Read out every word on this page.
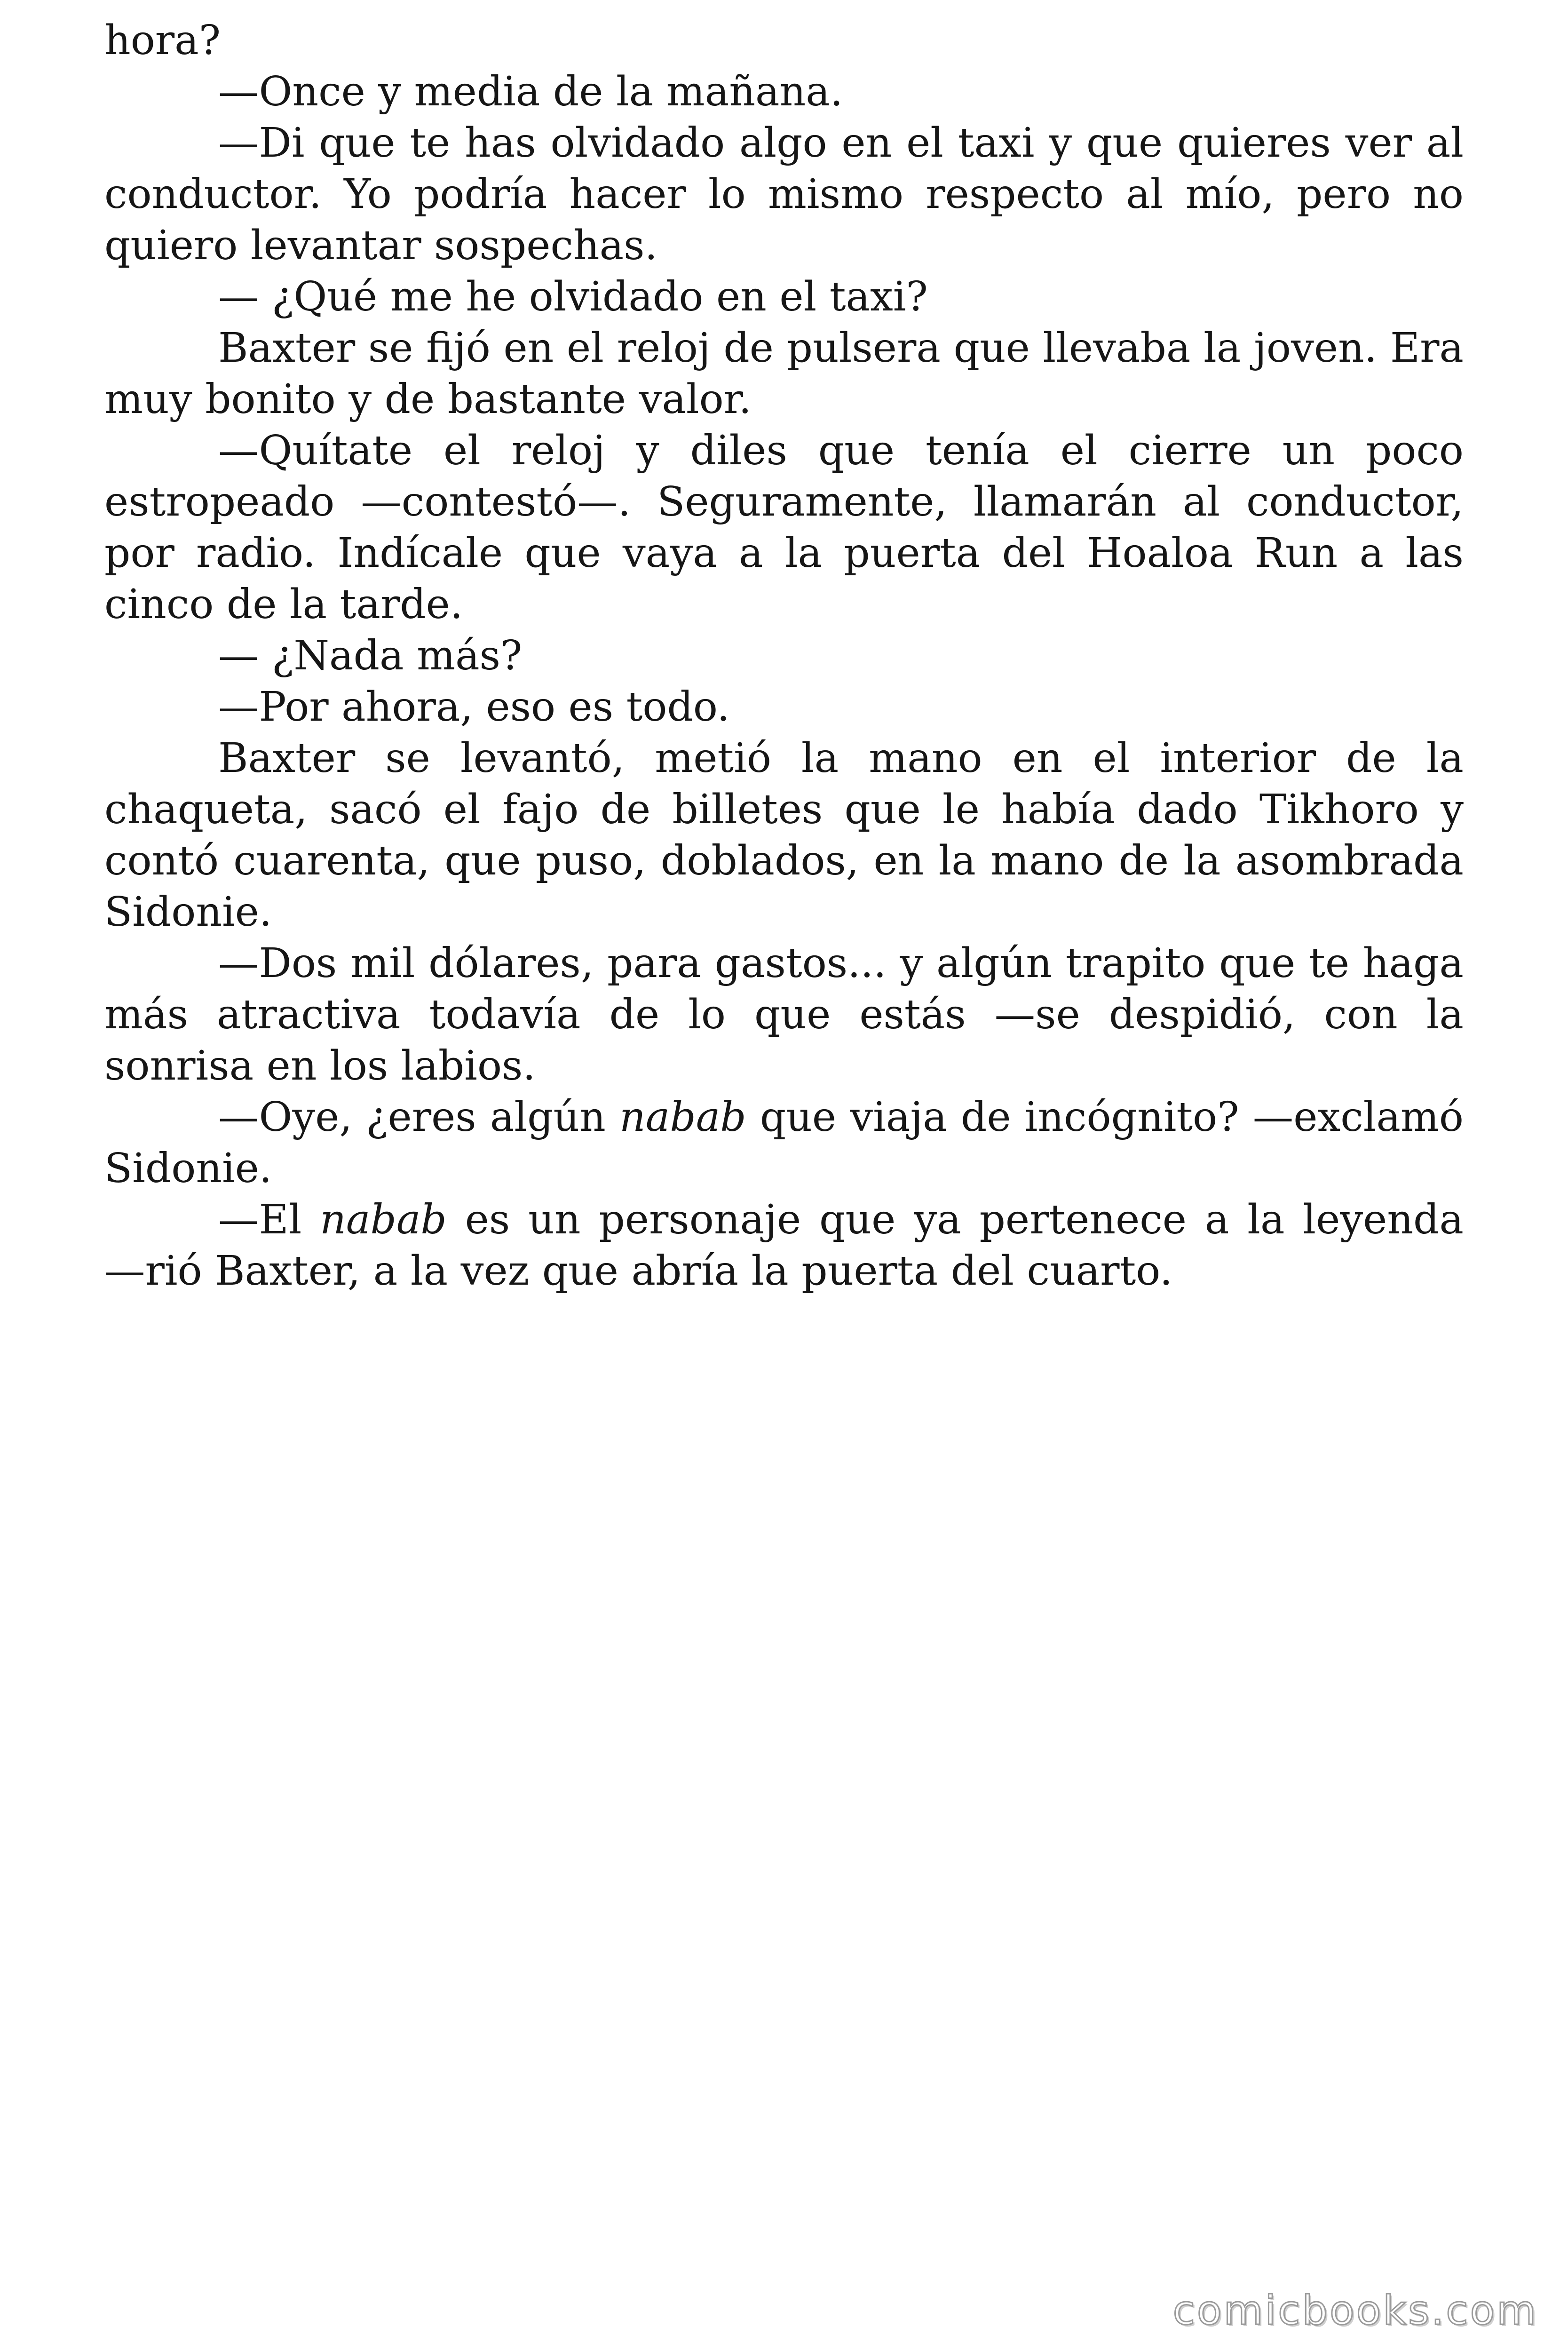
hora?

—Once y media de la mañana.

—Di que te has olvidado algo en el taxi y que quieres ver al conductor. Yo podría hacer lo mismo respecto al mío, pero no quiero levantar sospechas.

— ¿Qué me he olvidado en el taxi?

Baxter se fijó en el reloj de pulsera que llevaba la joven. Era muy bonito y de bastante valor.

—Quítate el reloj y diles que tenía el cierre un poco estropeado —contestó—. Seguramente, llamarán al conductor, por radio. Indícale que vaya a la puerta del Hoaloa Run a las cinco de la tarde.

— ¿Nada más?

—Por ahora, eso es todo.

Baxter se levantó, metió la mano en el interior de la chaqueta, sacó el fajo de billetes que le había dado Tikhoro y contó cuarenta, que puso, doblados, en la mano de la asombrada Sidonie.

—Dos mil dólares, para gastos... y algún trapito que te haga más atractiva todavía de lo que estás —se despidió, con la sonrisa en los labios.

—Oye, ¿eres algún nabab que viaja de incógnito? —exclamó Sidonie.

—El nabab es un personaje que ya pertenece a la leyenda —rió Baxter, a la vez que abría la puerta del cuarto.

comicbooks.com
